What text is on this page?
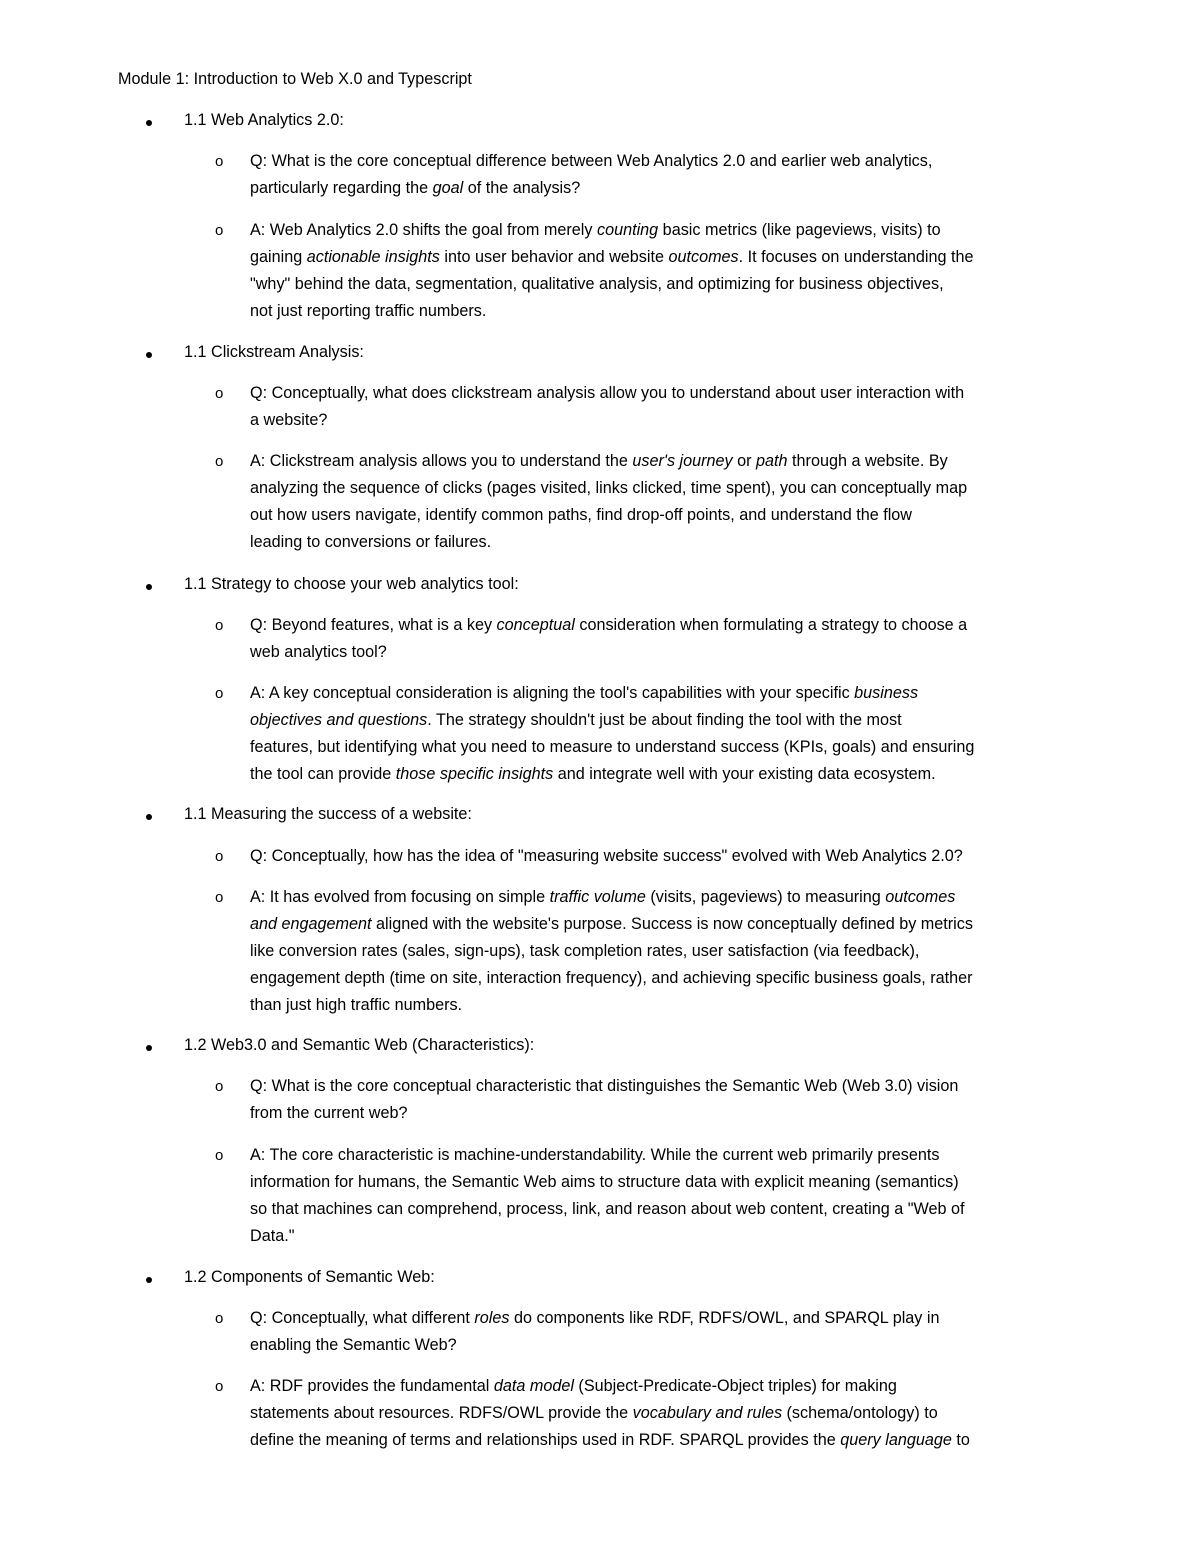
Module 1: Introduction to Web X.0 and Typescript
1.1 Web Analytics 2.0:
o Q: What is the core conceptual difference between Web Analytics 2.0 and earlier web analytics,
particularly regarding the goal of the analysis?
o A: Web Analytics 2.0 shifts the goal from merely counting basic metrics (like pageviews, visits) to
gaining actionable insights into user behavior and website outcomes. It focuses on understanding the
"why" behind the data, segmentation, qualitative analysis, and optimizing for business objectives,
not just reporting traffic numbers.
1.1 Clickstream Analysis:
o Q: Conceptually, what does clickstream analysis allow you to understand about user interaction with
a website?
o A: Clickstream analysis allows you to understand the user's journey or path through a website. By
analyzing the sequence of clicks (pages visited, links clicked, time spent), you can conceptually map
out how users navigate, identify common paths, find drop-off points, and understand the flow
leading to conversions or failures.
1.1 Strategy to choose your web analytics tool:
o Q: Beyond features, what is a key conceptual consideration when formulating a strategy to choose a
web analytics tool?
o A: A key conceptual consideration is aligning the tool's capabilities with your specific business
objectives and questions. The strategy shouldn't just be about finding the tool with the most
features, but identifying what you need to measure to understand success (KPIs, goals) and ensuring
the tool can provide those specific insights and integrate well with your existing data ecosystem.
1.1 Measuring the success of a website:
o Q: Conceptually, how has the idea of "measuring website success" evolved with Web Analytics 2.0?
o A: It has evolved from focusing on simple traffic volume (visits, pageviews) to measuring outcomes
and engagement aligned with the website's purpose. Success is now conceptually defined by metrics
like conversion rates (sales, sign-ups), task completion rates, user satisfaction (via feedback),
engagement depth (time on site, interaction frequency), and achieving specific business goals, rather
than just high traffic numbers.
1.2 Web3.0 and Semantic Web (Characteristics):
o Q: What is the core conceptual characteristic that distinguishes the Semantic Web (Web 3.0) vision
from the current web?
o A: The core characteristic is machine-understandability. While the current web primarily presents
information for humans, the Semantic Web aims to structure data with explicit meaning (semantics)
so that machines can comprehend, process, link, and reason about web content, creating a "Web of
Data."
1.2 Components of Semantic Web:
o Q: Conceptually, what different roles do components like RDF, RDFS/OWL, and SPARQL play in
enabling the Semantic Web?
o A: RDF provides the fundamental data model (Subject-Predicate-Object triples) for making
statements about resources. RDFS/OWL provide the vocabulary and rules (schema/ontology) to
define the meaning of terms and relationships used in RDF. SPARQL provides the query language to
